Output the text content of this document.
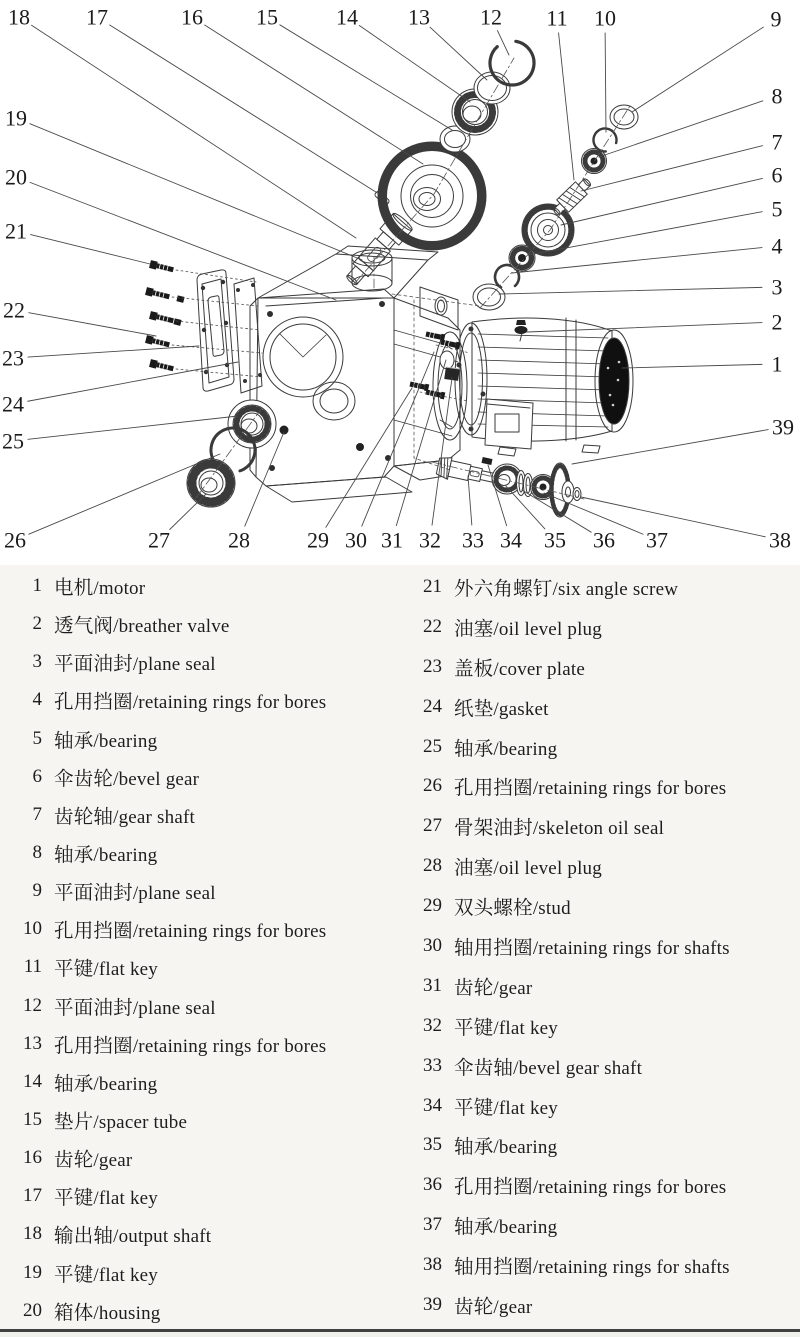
1
2
3
4
5
6
7
8
9
10
11
12
13
14
15
16
17
18
19
20
21
22
23
24
25
26	27	28	29 30 31 32 33 34 35 36 37	38
39
1 电机/motor
2 透气阀/breather valve
3 平面油封/plane seal
4 孔用挡圈/retaining rings for bores
5 轴承/bearing
6 伞齿轮/bevel gear
7 齿轮轴/gear shaft
8 轴承/bearing
9 平面油封/plane seal
10 孔用挡圈/retaining rings for bores
11 平键/flat key
12 平面油封/plane seal
13 孔用挡圈/retaining rings for bores
14 轴承/bearing
15 垫片/spacer tube
16 齿轮/gear
17 平键/flat key
18 输出轴/output shaft
19 平键/flat key
20 箱体/housing
21 外六角螺钉/six angle screw
22 油塞/oil level plug
23 盖板/cover plate
24 纸垫/gasket
25 轴承/bearing
26 孔用挡圈/retaining rings for bores
27 骨架油封/skeleton oil seal
28 油塞/oil level plug
29 双头螺栓/stud
30 轴用挡圈/retaining rings for shafts
31 齿轮/gear
32 平键/flat key
33 伞齿轴/bevel gear shaft
34 平键/flat key
35 轴承/bearing
36 孔用挡圈/retaining rings for bores
37 轴承/bearing
38 轴用挡圈/retaining rings for shafts
39 齿轮/gear
